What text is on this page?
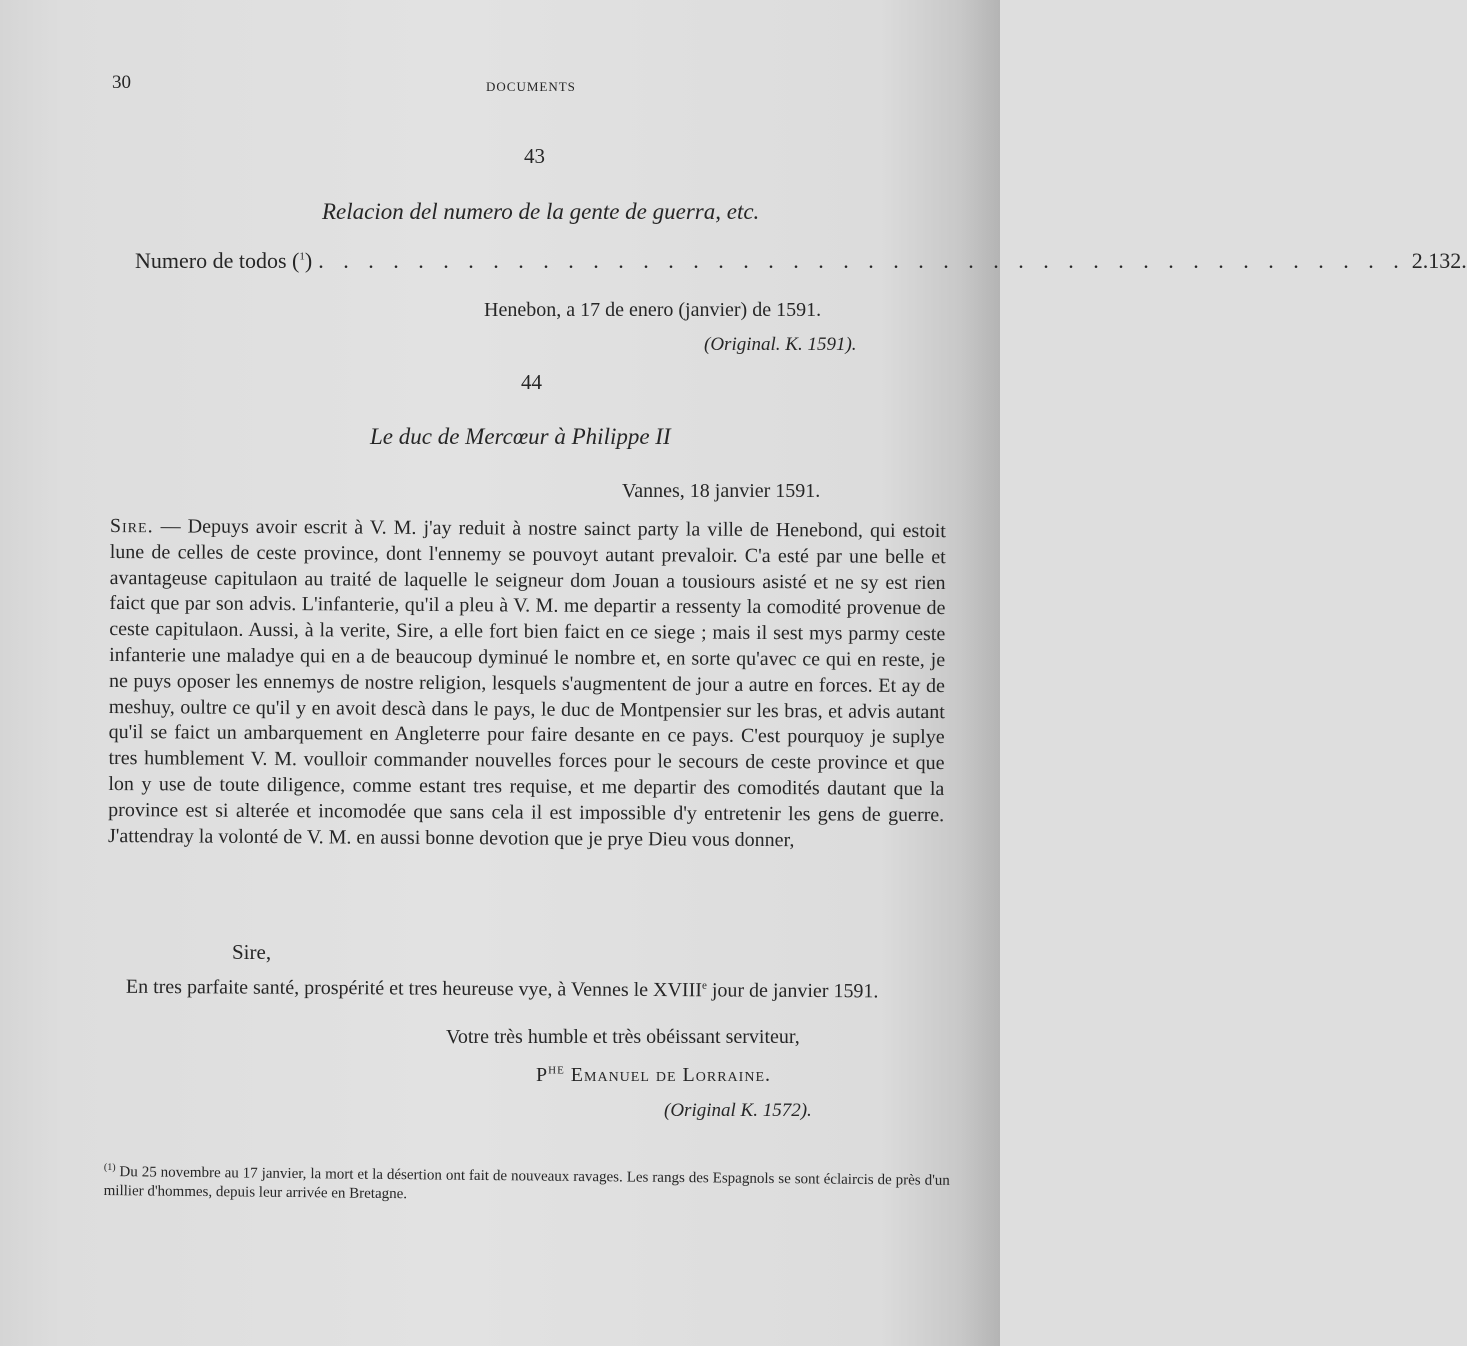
30	DOCUMENTS
43
Relacion del numero de la gente de guerra, etc.
Numero de todos ($^1$) . . . . . . . . . . . . . . . . . . . . . . . . . . . . . . . . . . . . . . . . . . . . 2.132.
Henebon, a 17 de enero (janvier) de 1591.
(Original. K. 1591).
44
Le duc de Mercœur à Philippe II
Vannes, 18 janvier 1591.
Sire. — Depuys avoir escrit à V. M. j'ay reduit à nostre sainct party la ville de Henebond, qui estoit lune de celles de ceste province, dont l'ennemy se pouvoyt autant prevaloir. C'a esté par une belle et avantageuse capitulaon au traité de laquelle le seigneur dom Jouan a tousiours asisté et ne sy est rien faict que par son advis. L'infanterie, qu'il a pleu à V. M. me departir a ressenty la comodité provenue de ceste capitulaon. Aussi, à la verite, Sire, a elle fort bien faict en ce siege ; mais il sest mys parmy ceste infanterie une maladye qui en a de beaucoup dyminué le nombre et, en sorte qu'avec ce qui en reste, je ne puys oposer les ennemys de nostre religion, lesquels s'augmentent de jour a autre en forces. Et ay de meshuy, oultre ce qu'il y en avoit descà dans le pays, le duc de Montpensier sur les bras, et advis autant qu'il se faict un ambarquement en Angleterre pour faire desante en ce pays. C'est pourquoy je suplye tres humblement V. M. voulloir commander nouvelles forces pour le secours de ceste province et que lon y use de toute diligence, comme estant tres requise, et me departir des comodités dautant que la province est si alterée et incomodée que sans cela il est impossible d'y entretenir les gens de guerre. J'attendray la volonté de V. M. en aussi bonne devotion que je prye Dieu vous donner,
Sire,
En tres parfaite santé, prospérité et tres heureuse vye, à Vennes le XVIIIe jour de janvier 1591.
Votre très humble et très obéissant serviteur,
$P^{HE}$ Emanuel de Lorraine.
(Original K. 1572).
$^{(1)}$ Du 25 novembre au 17 janvier, la mort et la désertion ont fait de nouveaux ravages. Les rangs des Espagnols se sont éclaircis de près d'un millier d'hommes, depuis leur arrivée en Bretagne.
